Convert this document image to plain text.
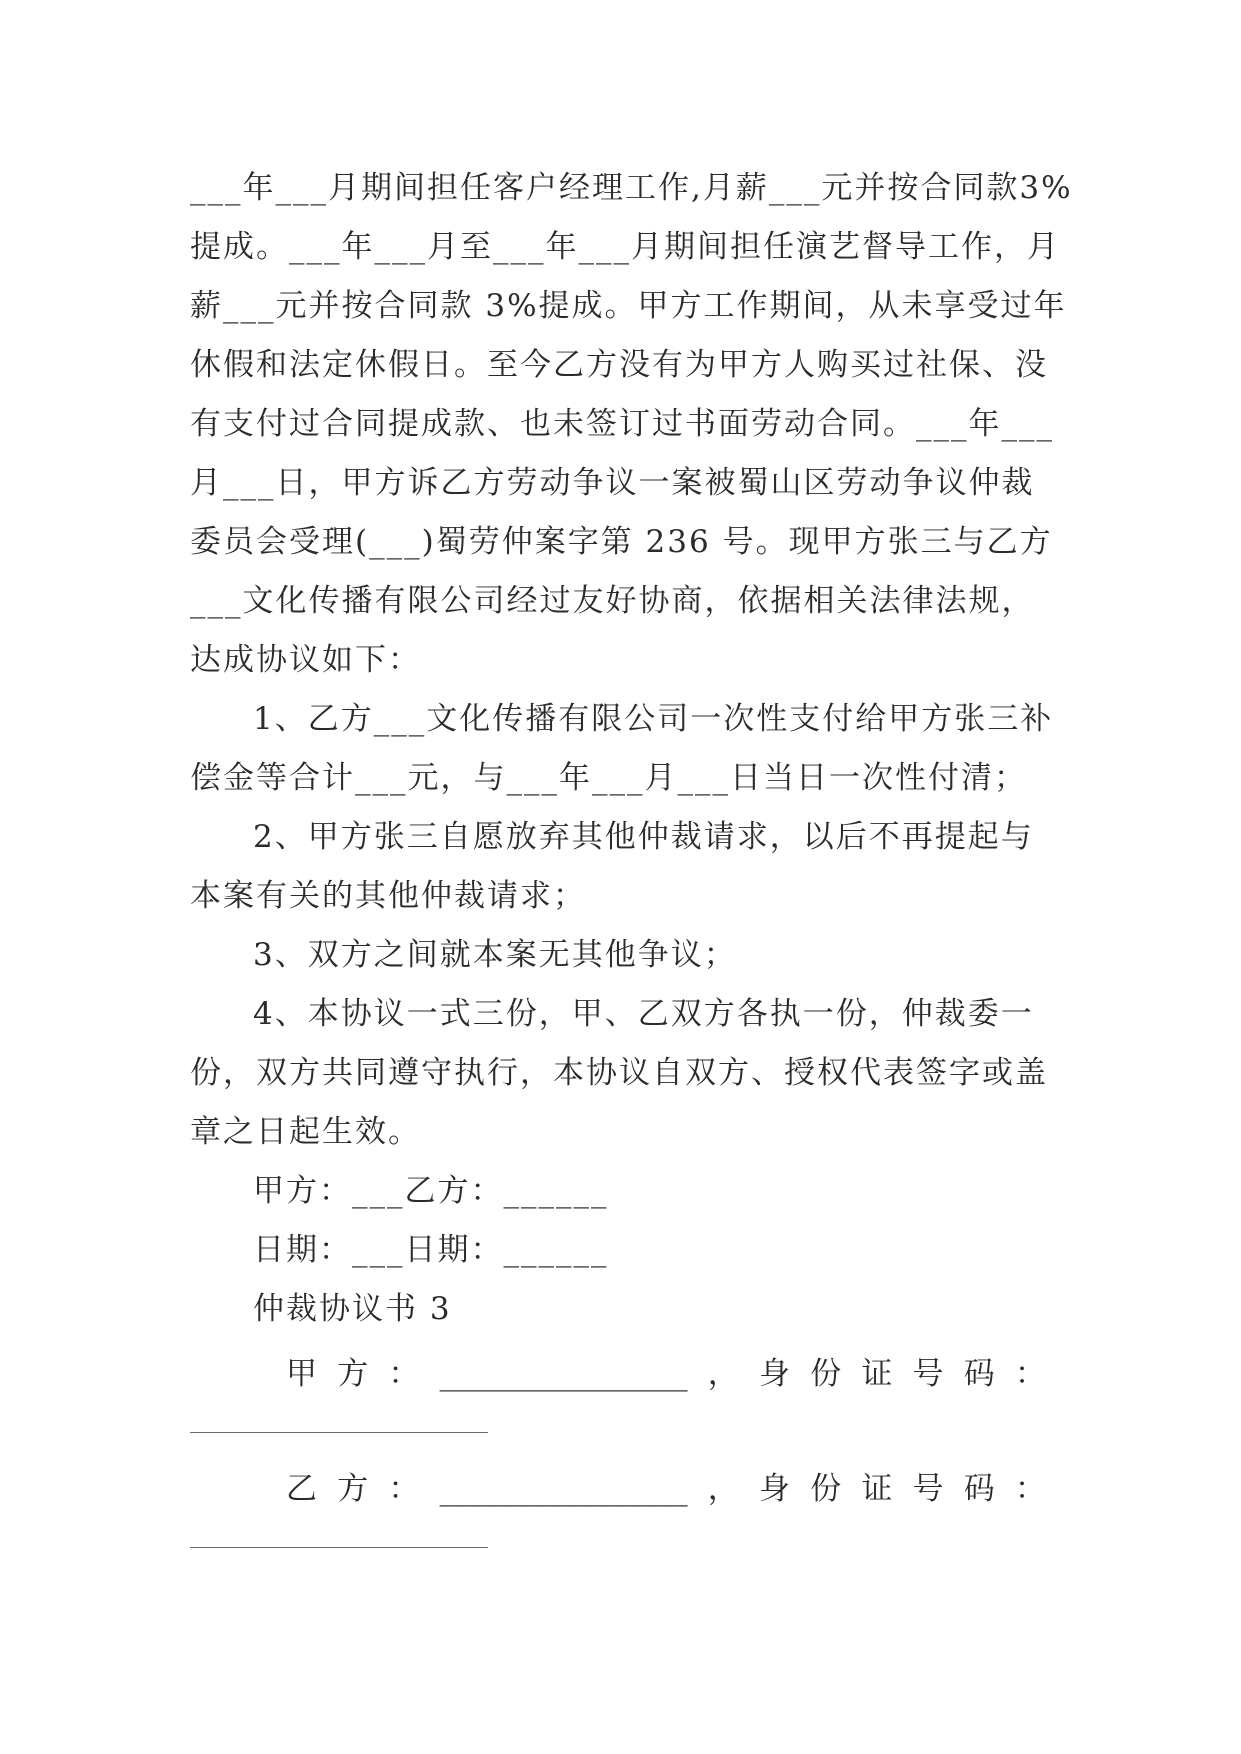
___年___月期间担任客户经理工作,月薪___元并按合同款3%

提成。___年___月至___年___月期间担任演艺督导工作，月

薪___元并按合同款 3%提成。甲方工作期间，从未享受过年

休假和法定休假日。至今乙方没有为甲方人购买过社保、没

有支付过合同提成款、也未签订过书面劳动合同。___年___

月___日，甲方诉乙方劳动争议一案被蜀山区劳动争议仲裁

委员会受理(___)蜀劳仲案字第 236 号。现甲方张三与乙方

___文化传播有限公司经过友好协商，依据相关法律法规，

达成协议如下：

1、乙方___文化传播有限公司一次性支付给甲方张三补

偿金等合计___元，与___年___月___日当日一次性付清；

2、甲方张三自愿放弃其他仲裁请求，以后不再提起与

本案有关的其他仲裁请求；

3、双方之间就本案无其他争议；

4、本协议一式三份，甲、乙双方各执一份，仲裁委一

份，双方共同遵守执行，本协议自双方、授权代表签字或盖

章之日起生效。

甲方：___乙方：______

日期：___日期：______

仲裁协议书 3

甲 方 ： ________________ ， 身 份 证 号 码 ：
乙 方 ： ________________ ， 身 份 证 号 码 ：
